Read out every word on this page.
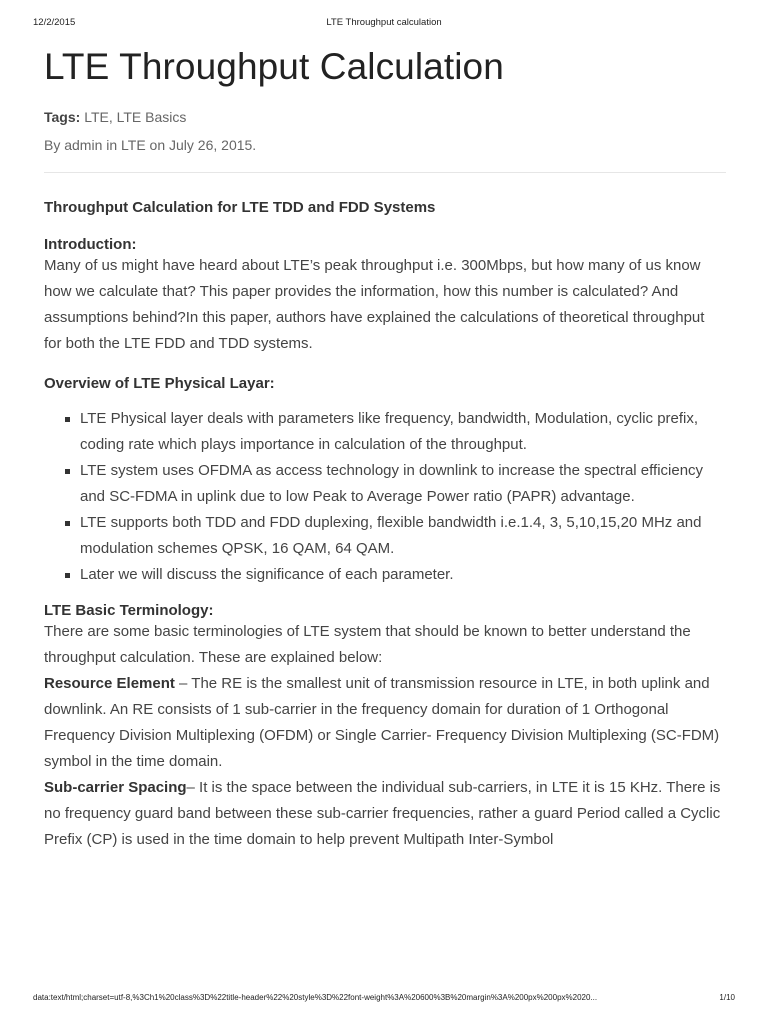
12/2/2015	LTE Throughput calculation
LTE Throughput Calculation
Tags: LTE, LTE Basics
By admin in LTE on July 26, 2015.
Throughput Calculation for LTE TDD and FDD Systems
Introduction:

Many of us might have heard about LTE’s peak throughput i.e. 300Mbps, but how many of us know how we calculate that? This paper provides the information, how this number is calculated? And assumptions behind?In this paper, authors have explained the calculations of theoretical throughput for both the LTE FDD and TDD systems.

Overview of LTE Physical Layar:
LTE Physical layer deals with parameters like frequency, bandwidth, Modulation, cyclic prefix, coding rate which plays importance in calculation of the throughput.
LTE system uses OFDMA as access technology in downlink to increase the spectral efficiency and SC-FDMA in uplink due to low Peak to Average Power ratio (PAPR) advantage.
LTE supports both TDD and FDD duplexing, flexible bandwidth i.e.1.4, 3, 5,10,15,20 MHz and modulation schemes QPSK, 16 QAM, 64 QAM.
Later we will discuss the significance of each parameter.
LTE Basic Terminology:

There are some basic terminologies of LTE system that should be known to better understand the throughput calculation. These are explained below:

Resource Element – The RE is the smallest unit of transmission resource in LTE, in both uplink and downlink. An RE consists of 1 sub-carrier in the frequency domain for duration of 1 Orthogonal Frequency Division Multiplexing (OFDM) or Single Carrier- Frequency Division Multiplexing (SC-FDM) symbol in the time domain.

Sub-carrier Spacing– It is the space between the individual sub-carriers, in LTE it is 15 KHz. There is no frequency guard band between these sub-carrier frequencies, rather a guard Period called a Cyclic Prefix (CP) is used in the time domain to help prevent Multipath Inter-Symbol

data:text/html;charset=utf-8,%3Ch1%20class%3D%22title-header%22%20style%3D%22font-weight%3A%20600%3B%20margin%3A%200px%200px%2020...	1/10
